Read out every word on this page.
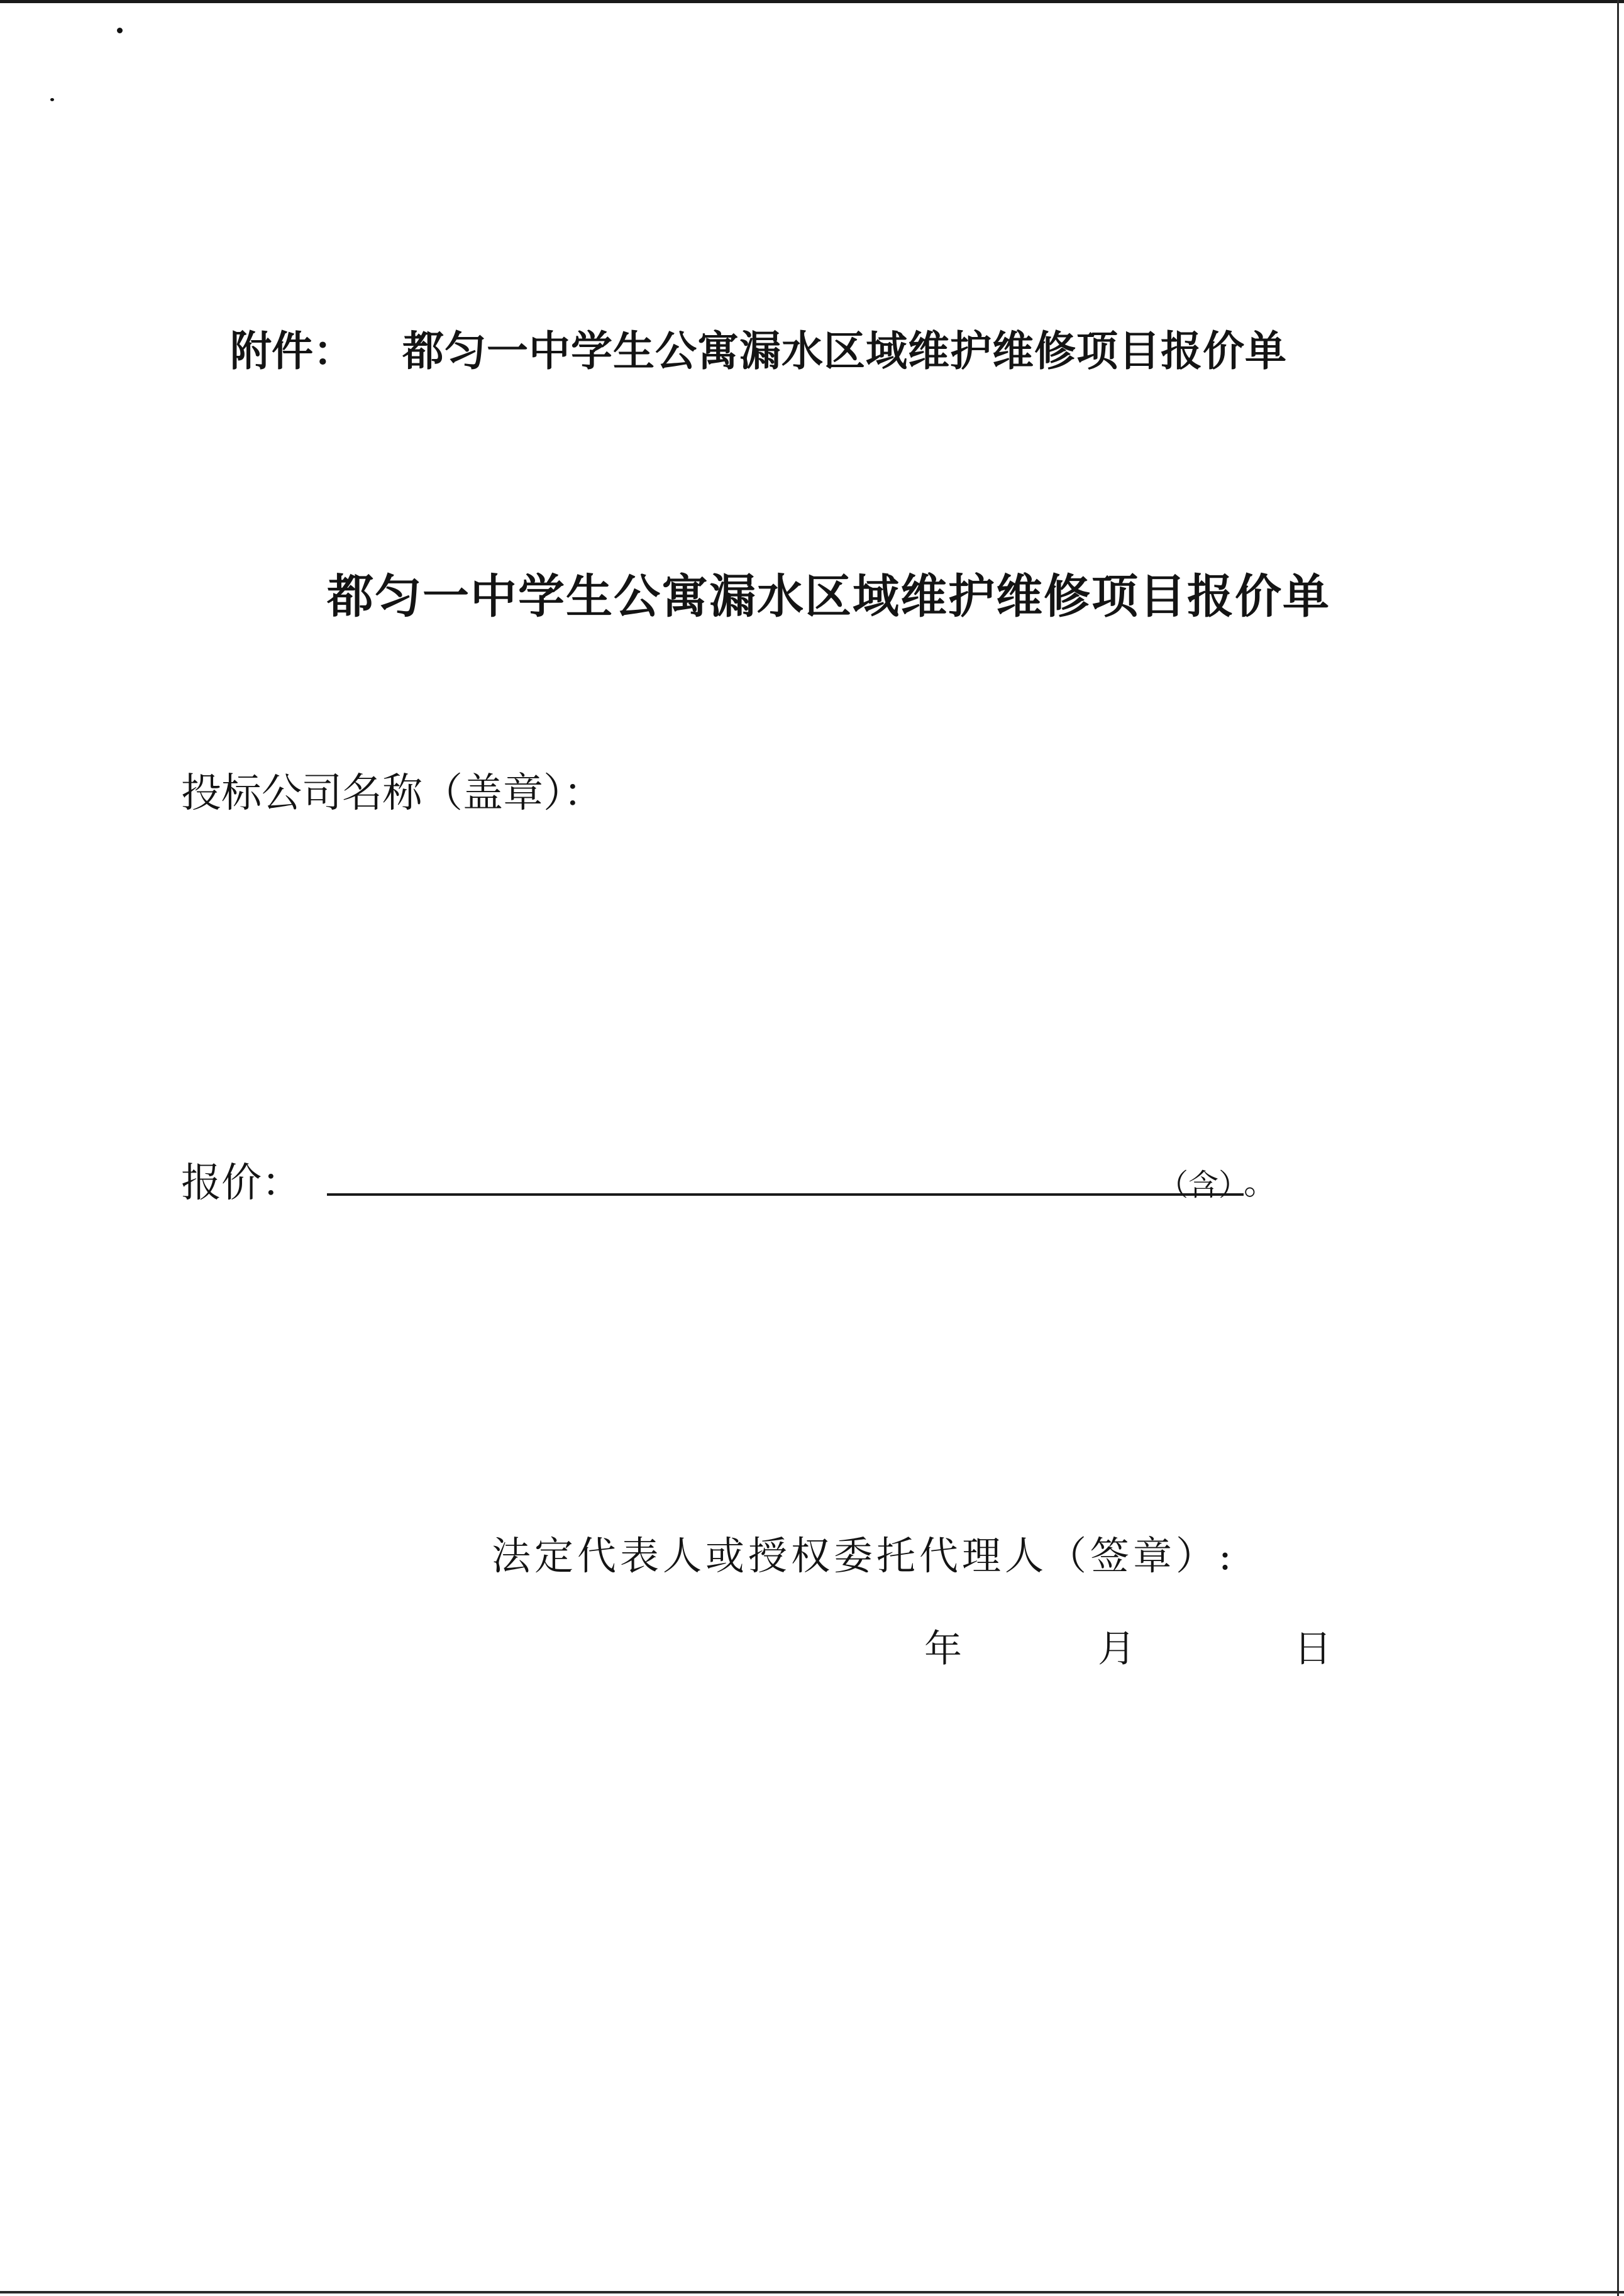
附件： 都匀一中学生公寓漏水区域维护维修项目报价单
都匀一中学生公寓漏水区域维护维修项目报价单
投标公司名称（盖章）：
报价：	（含）
。
法定代表人或授权委托代理人（签章）:
年	月	日
